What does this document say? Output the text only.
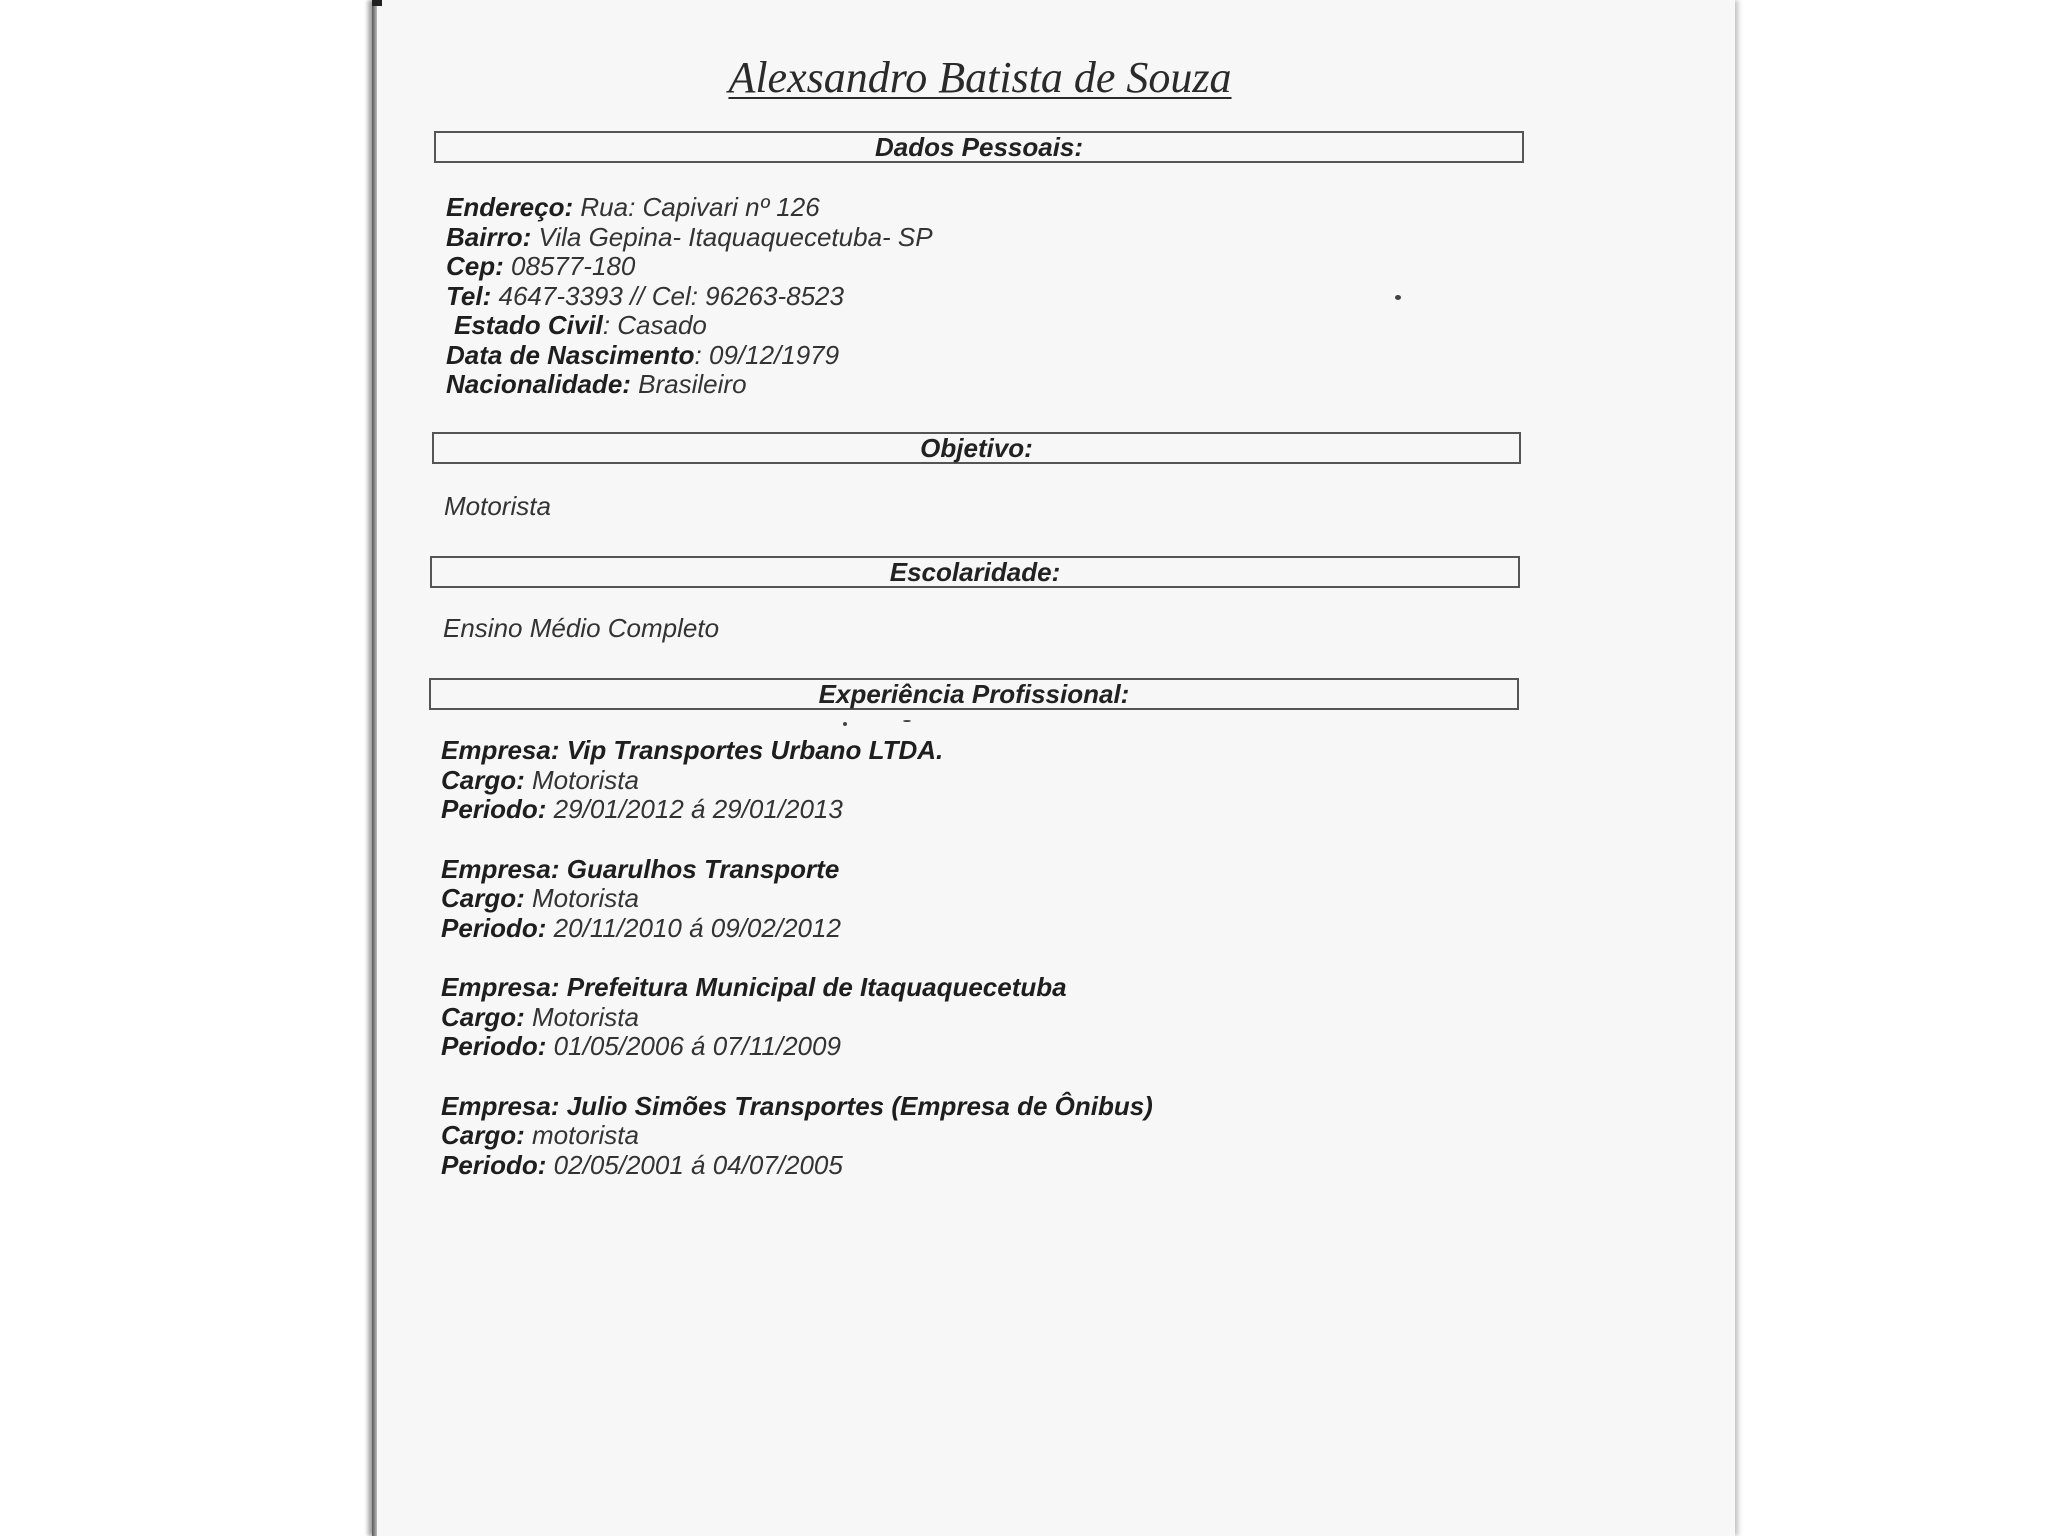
Alexsandro Batista de Souza
Dados Pessoais:
Endereço: Rua: Capivari nº 126
Bairro: Vila Gepina- Itaquaquecetuba- SP
Cep: 08577-180
Tel: 4647-3393 // Cel: 96263-8523
Estado Civil: Casado
Data de Nascimento: 09/12/1979
Nacionalidade: Brasileiro
Objetivo:
Motorista
Escolaridade:
Ensino Médio Completo
Experiência Profissional:
Empresa: Vip Transportes Urbano LTDA.
Cargo: Motorista
Periodo: 29/01/2012 á 29/01/2013
Empresa: Guarulhos Transporte
Cargo: Motorista
Periodo: 20/11/2010 á 09/02/2012
Empresa: Prefeitura Municipal de Itaquaquecetuba
Cargo: Motorista
Periodo: 01/05/2006 á 07/11/2009
Empresa: Julio Simões Transportes (Empresa de Ônibus)
Cargo: motorista
Periodo: 02/05/2001 á 04/07/2005
